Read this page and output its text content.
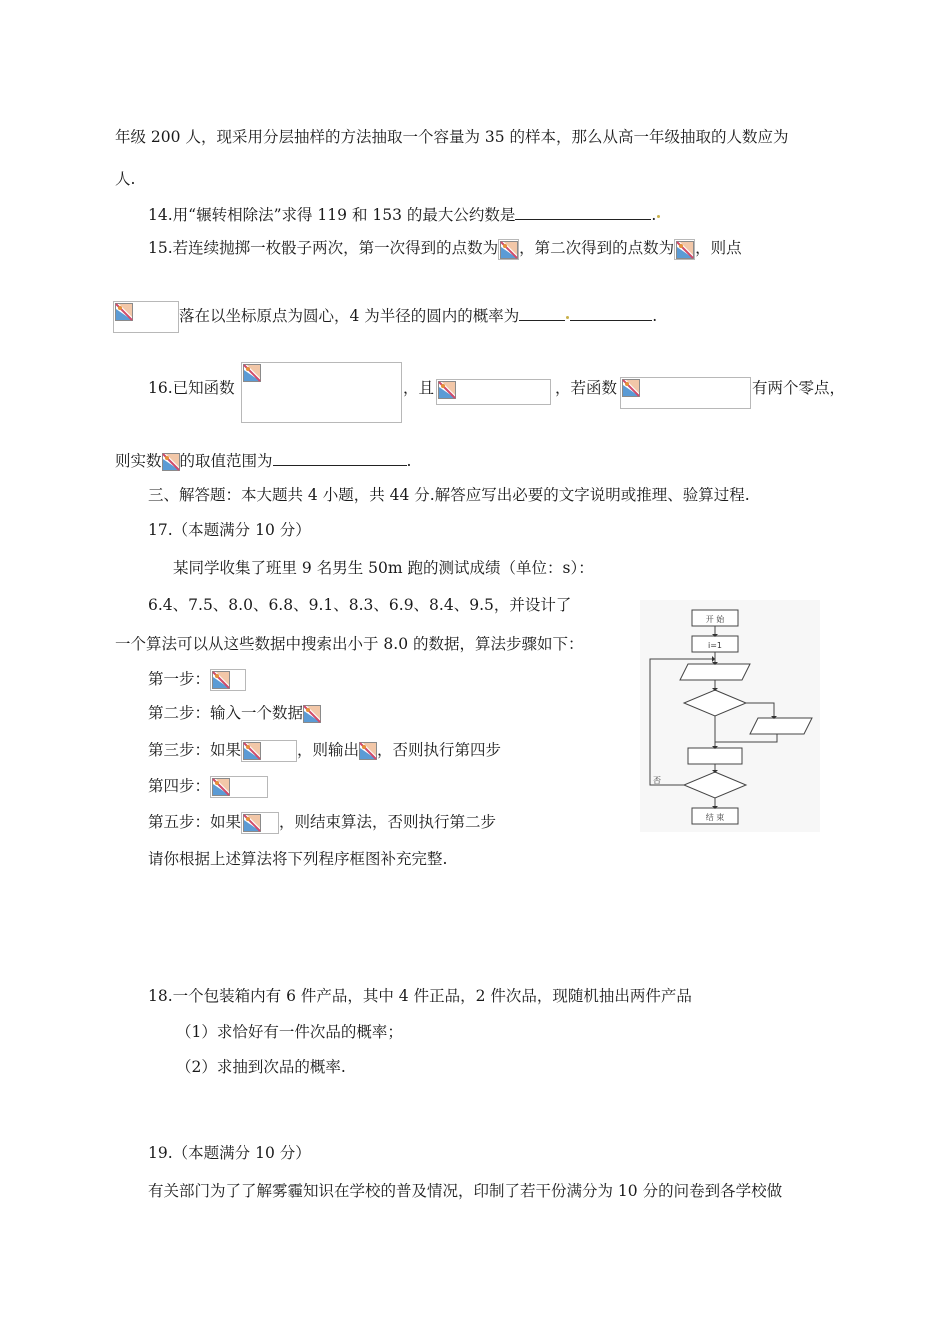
年级 200 人，现采用分层抽样的方法抽取一个容量为 35 的样本，那么从高一年级抽取的人数应为
人.
14.用“辗转相除法”求得 119 和 153 的最大公约数是	.
15.若连续抛掷一枚骰子两次，第一次得到的点数为 ，第二次得到的点数为 ，则点
落在以坐标原点为圆心，4 为半径的圆内的概率为	.
16.已知函数	，且	，若函数	有两个零点，
则实数 的取值范围为	.
三、解答题：本大题共 4 小题，共 44 分.解答应写出必要的文字说明或推理、验算过程.
17.（本题满分 10 分）
某同学收集了班里 9 名男生 50m 跑的测试成绩（单位：s）：
6.4、7.5、8.0、6.8、9.1、8.3、6.9、8.4、9.5，并设计了
一个算法可以从这些数据中搜索出小于 8.0 的数据，算法步骤如下：
第一步：
第二步：输入一个数据
第三步：如果	，则输出 ，否则执行第四步
第四步：
第五步：如果 ，则结束算法，否则执行第二步
请你根据上述算法将下列程序框图补充完整.
开 始
i=1
否
结 束
18.一个包装箱内有 6 件产品，其中 4 件正品，2 件次品，现随机抽出两件产品
（1）求恰好有一件次品的概率；
（2）求抽到次品的概率.
19.（本题满分 10 分）
有关部门为了了解雾霾知识在学校的普及情况，印制了若干份满分为 10 分的问卷到各学校做
